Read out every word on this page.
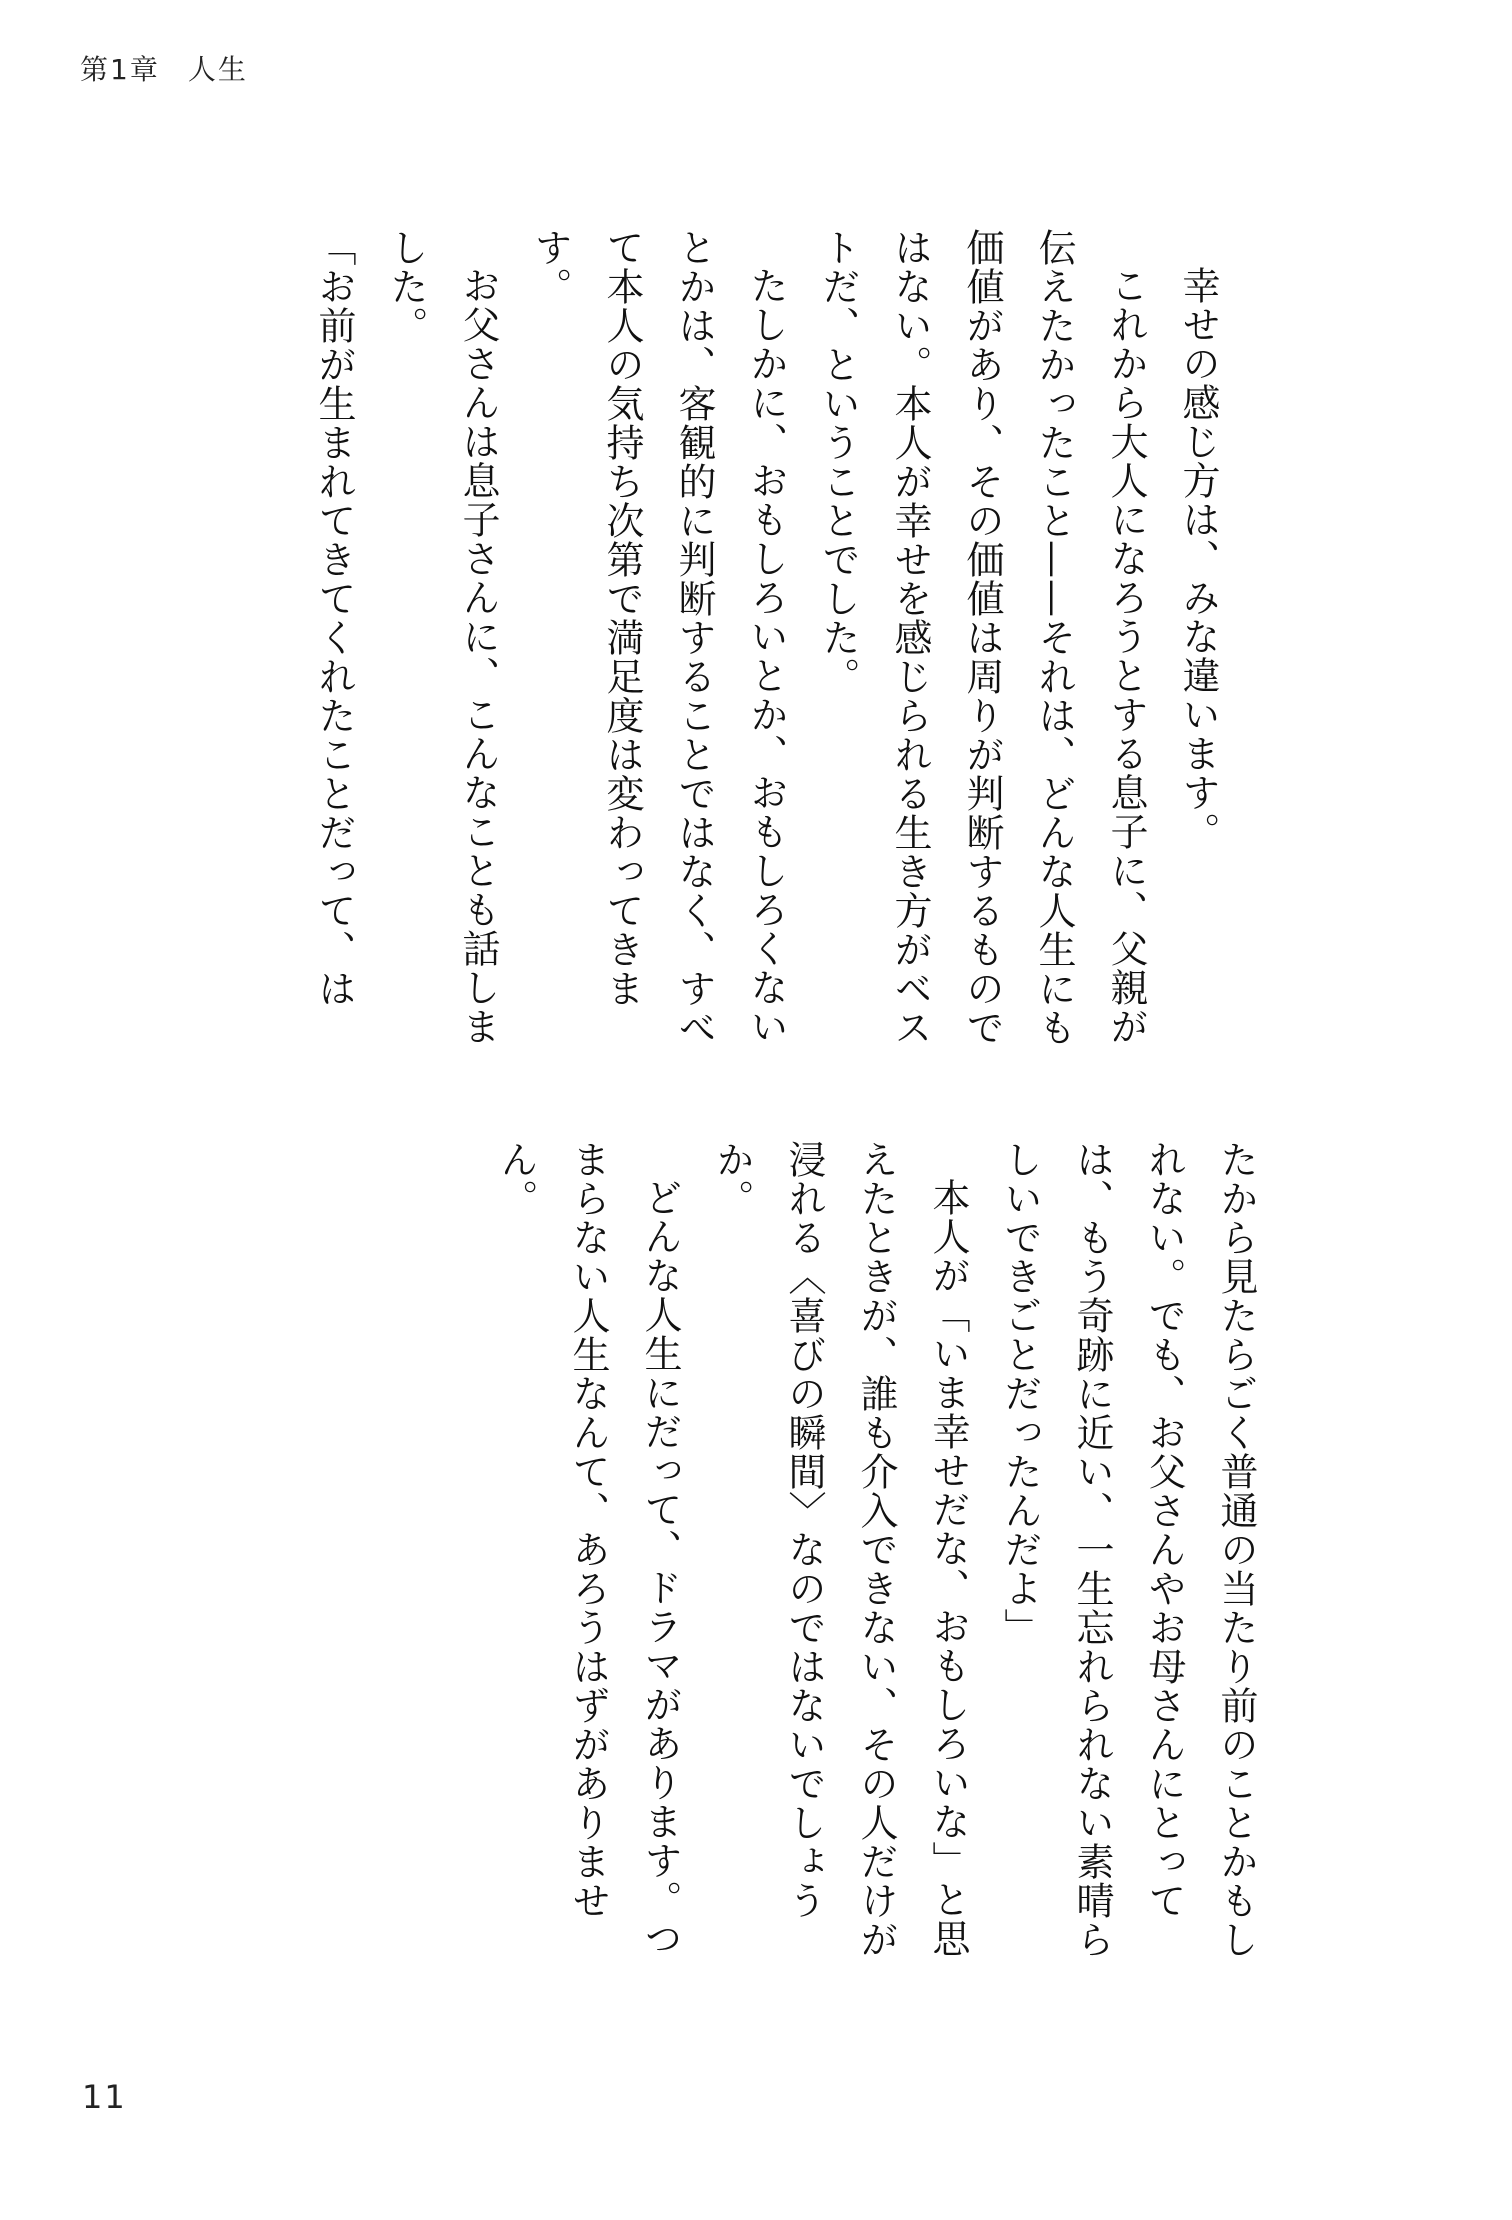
第1章 人生

幸せの感じ方は、みな違います。

これから大人になろうとする息子に、父親が伝えたかったこと——それは、どんな人生にも価値があり、その価値は周りが判断するものではない。本人が幸せを感じられる生き方がベストだ、ということでした。

たしかに、おもしろいとか、おもしろくないとかは、客観的に判断することではなく、すべて本人の気持ち次第で満足度は変わってきます。

お父さんは息子さんに、こんなことも話しました。

「お前が生まれてきてくれたことだって、は

たから見たらごく普通の当たり前のことかもしれない。でも、お父さんやお母さんにとっては、もう奇跡に近い、一生忘れられない素晴らしいできごとだったんだよ」

本人が「いま幸せだな、おもしろいな」と思えたときが、誰も介入できない、その人だけが浸れる〈喜びの瞬間〉なのではないでしょうか。

どんな人生にだって、ドラマがあります。つまらない人生なんて、あろうはずがありません。

11
